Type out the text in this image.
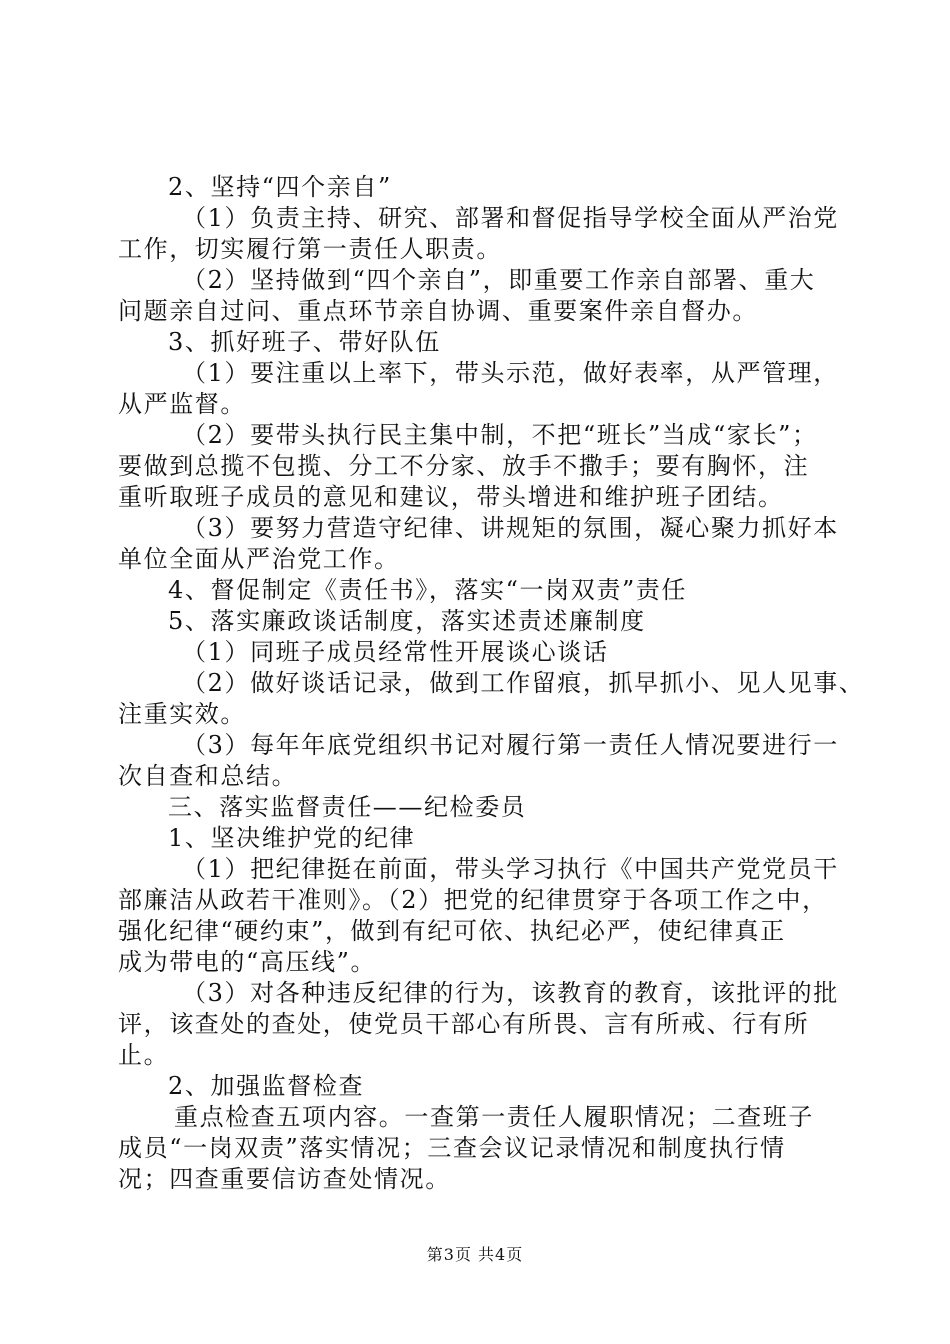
2、坚持“四个亲自”
（1）负责主持、研究、部署和督促指导学校全面从严治党
工作，切实履行第一责任人职责。
（2）坚持做到“四个亲自”，即重要工作亲自部署、重大
问题亲自过问、重点环节亲自协调、重要案件亲自督办。
3、抓好班子、带好队伍
（1）要注重以上率下，带头示范，做好表率，从严管理，
从严监督。
（2）要带头执行民主集中制，不把“班长”当成“家长”；
要做到总揽不包揽、分工不分家、放手不撒手；要有胸怀，注
重听取班子成员的意见和建议，带头增进和维护班子团结。
（3）要努力营造守纪律、讲规矩的氛围，凝心聚力抓好本
单位全面从严治党工作。
4、督促制定《责任书》，落实“一岗双责”责任
5、落实廉政谈话制度，落实述责述廉制度
（1）同班子成员经常性开展谈心谈话
（2）做好谈话记录，做到工作留痕，抓早抓小、见人见事、
注重实效。
（3）每年年底党组织书记对履行第一责任人情况要进行一
次自查和总结。
三、落实监督责任——纪检委员
1、坚决维护党的纪律
（1）把纪律挺在前面，带头学习执行《中国共产党党员干
部廉洁从政若干准则》。（2）把党的纪律贯穿于各项工作之中，
强化纪律“硬约束”，做到有纪可依、执纪必严，使纪律真正
成为带电的“高压线”。
（3）对各种违反纪律的行为，该教育的教育，该批评的批
评，该查处的查处，使党员干部心有所畏、言有所戒、行有所
止。
2、加强监督检查
重点检查五项内容。一查第一责任人履职情况；二查班子
成员“一岗双责”落实情况；三查会议记录情况和制度执行情
况；四查重要信访查处情况。
第3页 共4页
